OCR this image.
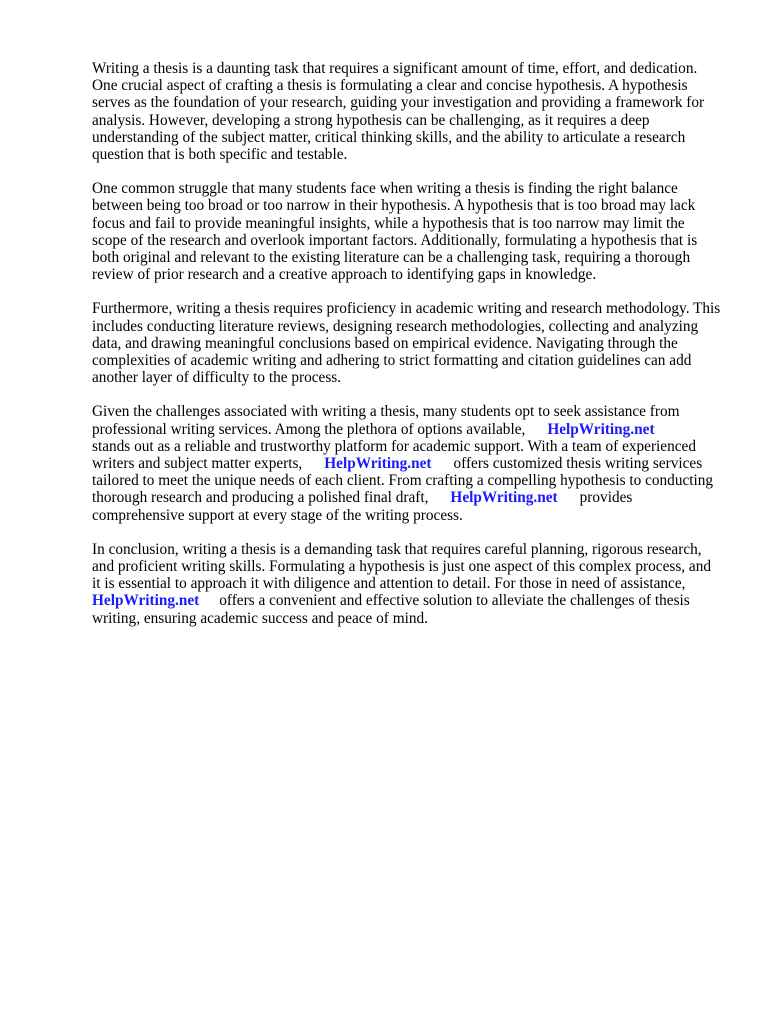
Writing a thesis is a daunting task that requires a significant amount of time, effort, and dedication. One crucial aspect of crafting a thesis is formulating a clear and concise hypothesis. A hypothesis serves as the foundation of your research, guiding your investigation and providing a framework for analysis. However, developing a strong hypothesis can be challenging, as it requires a deep understanding of the subject matter, critical thinking skills, and the ability to articulate a research question that is both specific and testable.

One common struggle that many students face when writing a thesis is finding the right balance between being too broad or too narrow in their hypothesis. A hypothesis that is too broad may lack focus and fail to provide meaningful insights, while a hypothesis that is too narrow may limit the scope of the research and overlook important factors. Additionally, formulating a hypothesis that is both original and relevant to the existing literature can be a challenging task, requiring a thorough review of prior research and a creative approach to identifying gaps in knowledge.

Furthermore, writing a thesis requires proficiency in academic writing and research methodology. This includes conducting literature reviews, designing research methodologies, collecting and analyzing data, and drawing meaningful conclusions based on empirical evidence. Navigating through the complexities of academic writing and adhering to strict formatting and citation guidelines can add another layer of difficulty to the process.

Given the challenges associated with writing a thesis, many students opt to seek assistance from professional writing services. Among the plethora of options available, HelpWriting.net
stands out as a reliable and trustworthy platform for academic support. With a team of experienced writers and subject matter experts, HelpWriting.net offers customized thesis writing services tailored to meet the unique needs of each client. From crafting a compelling hypothesis to conducting thorough research and producing a polished final draft, HelpWriting.net provides comprehensive support at every stage of the writing process.

In conclusion, writing a thesis is a demanding task that requires careful planning, rigorous research, and proficient writing skills. Formulating a hypothesis is just one aspect of this complex process, and it is essential to approach it with diligence and attention to detail. For those in need of assistance,
HelpWriting.net offers a convenient and effective solution to alleviate the challenges of thesis writing, ensuring academic success and peace of mind.
